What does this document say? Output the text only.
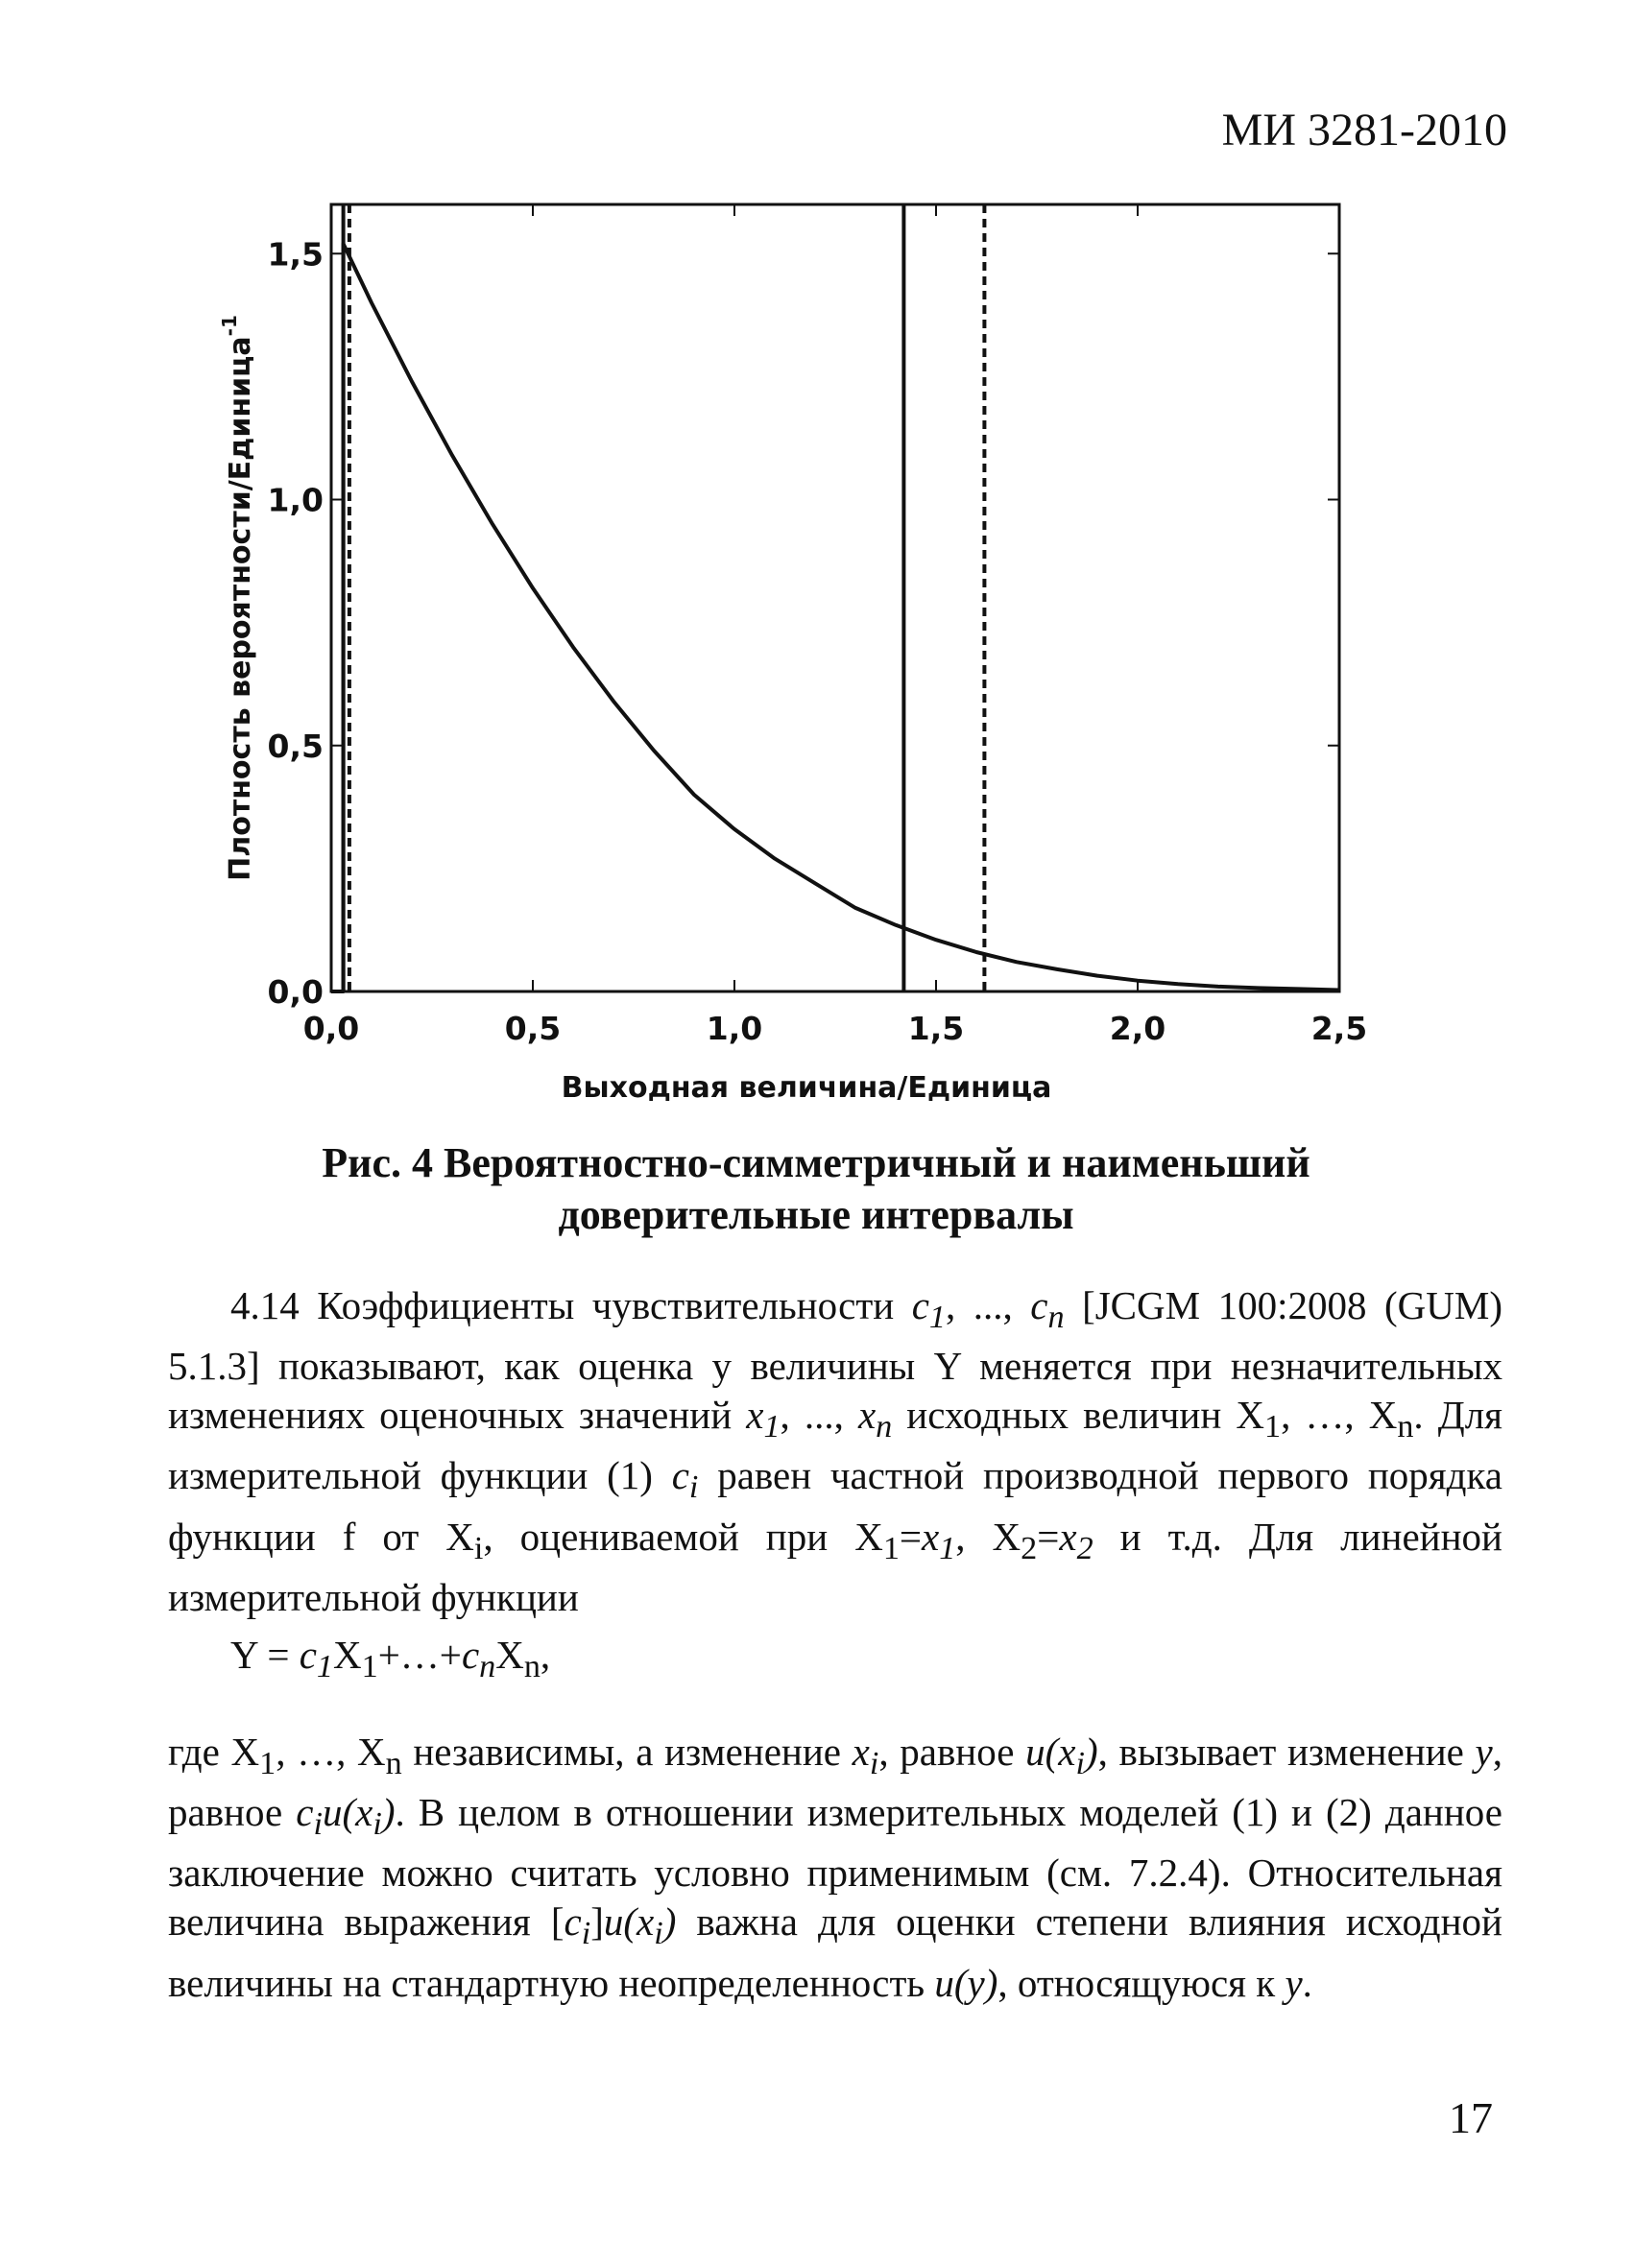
МИ 3281-2010
0,0	0,5	1,0	1,5	2,0	2,5
0,0
0,5
1,0
1,5
Выходная величина/Единица
Плотность вероятности/Единица$^{-1}$
Рис. 4 Вероятностно-симметричный и наименьший
доверительные интервалы
4.14 Коэффициенты чувствительности $c_1$, ..., $c_n$ [JCGM 100:2008 (GUM) 5.1.3] показывают, как оценка y величины Y меняется при незначительных изменениях оценочных значений $x_1$, ..., $x_n$ исходных величин $X_1$, …, $X_n$. Для измерительной функции (1) $c_i$ равен частной производной первого порядка функции f от $X_i$, оцениваемой при $X_1=x_1$, $X_2=x_2$ и т.д. Для линейной измерительной функции
$Y = c_1X_1+\dots+c_nX_n$,
где $X_1$, …, $X_n$ независимы, а изменение $x_i$, равное $u(x_i)$, вызывает изменение y, равное $c_iu(x_i)$. В целом в отношении измерительных моделей (1) и (2) данное заключение можно считать условно применимым (см. 7.2.4). Относительная величина выражения $[c_i]u(x_i)$ важна для оценки степени влияния исходной величины на стандартную неопределенность u(y), относящуюся к y.
17
